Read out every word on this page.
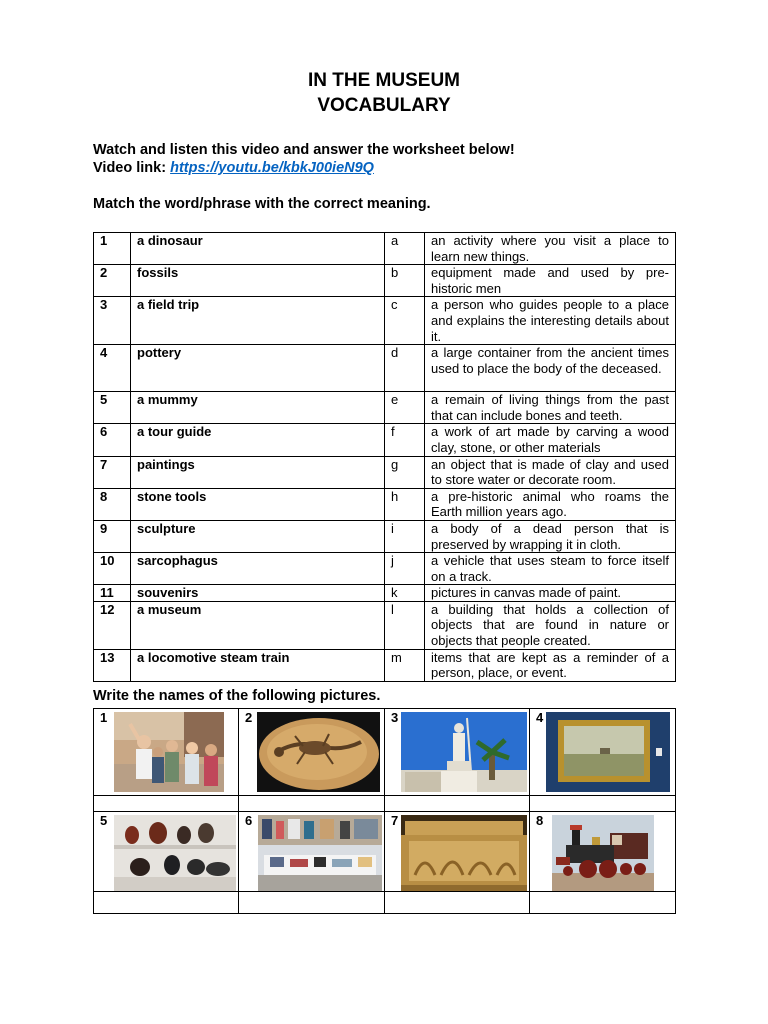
IN THE MUSEUM
VOCABULARY
Watch and listen this video and answer the worksheet below!
Video link: https://youtu.be/kbkJ00ieN9Q
Match the word/phrase with the correct meaning.
1	a dinosaur	a	an activity where you visit a place to learn new things.
2	fossils	b	equipment made and used by pre-historic men
3	a field trip	c	a person who guides people to a place and explains the interesting details about it.
4	pottery	d	a large container from the ancient times used to place the body of the deceased.
5	a mummy	e	a remain of living things from the past that can include bones and teeth.
6	a tour guide	f	a work of art made by carving a wood clay, stone, or other materials
7	paintings	g	an object that is made of clay and used to store water or decorate room.
8	stone tools	h	a pre-historic animal who roams the Earth million years ago.
9	sculpture	i	a body of a dead person that is preserved by wrapping it in cloth.
10	sarcophagus	j	a vehicle that uses steam to force itself on a track.
11	souvenirs	k	pictures in canvas made of paint.
12	a museum	l	a building that holds a collection of objects that are found in nature or objects that people created.
13	a locomotive steam train	m	items that are kept as a reminder of a person, place, or event.
Write the names of the following pictures.
1	2	3	4

5	6	7	8
